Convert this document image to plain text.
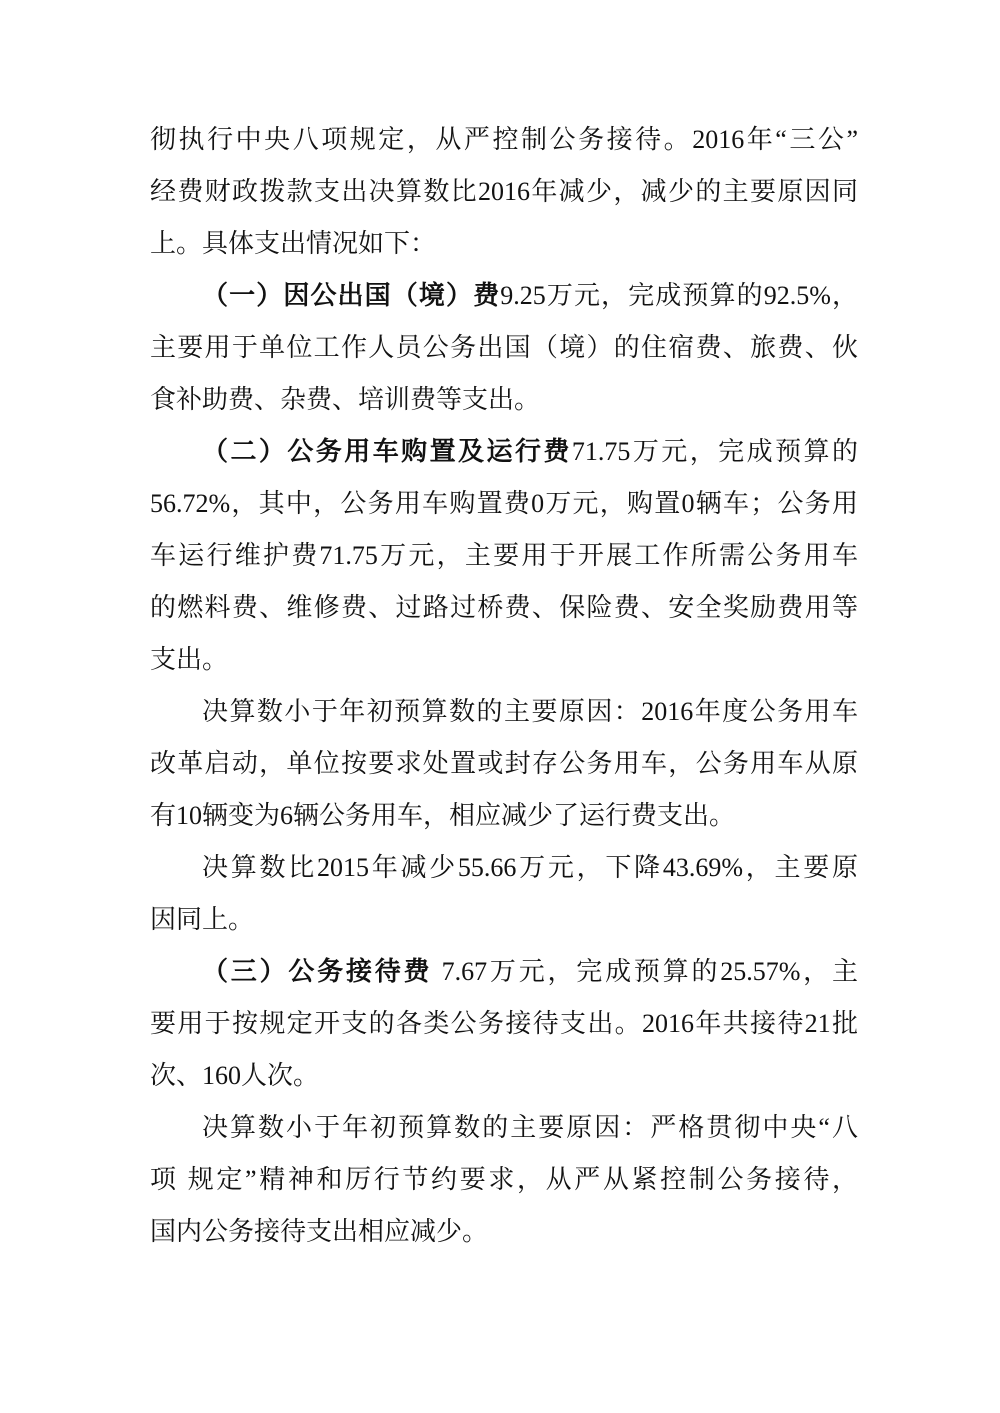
彻执行中央八项规定，从严控制公务接待。2016年“三公”
经费财政拨款支出决算数比2016年减少，减少的主要原因同
上。具体支出情况如下：
（一）因公出国（境）费9.25万元，完成预算的92.5%，
主要用于单位工作人员公务出国（境）的住宿费、旅费、伙
食补助费、杂费、培训费等支出。
（二）公务用车购置及运行费71.75万元，完成预算的
56.72%，其中，公务用车购置费0万元，购置0辆车；公务用
车运行维护费71.75万元，主要用于开展工作所需公务用车
的燃料费、维修费、过路过桥费、保险费、安全奖励费用等
支出。
决算数小于年初预算数的主要原因：2016年度公务用车
改革启动，单位按要求处置或封存公务用车，公务用车从原
有10辆变为6辆公务用车，相应减少了运行费支出。
决算数比2015年减少55.66万元，下降43.69%，主要原
因同上。
（三）公务接待费 7.67万元，完成预算的25.57%，主
要用于按规定开支的各类公务接待支出。2016年共接待21批
次、160人次。
决算数小于年初预算数的主要原因：严格贯彻中央“八
项 规定”精神和厉行节约要求，从严从紧控制公务接待，
国内公务接待支出相应减少。
